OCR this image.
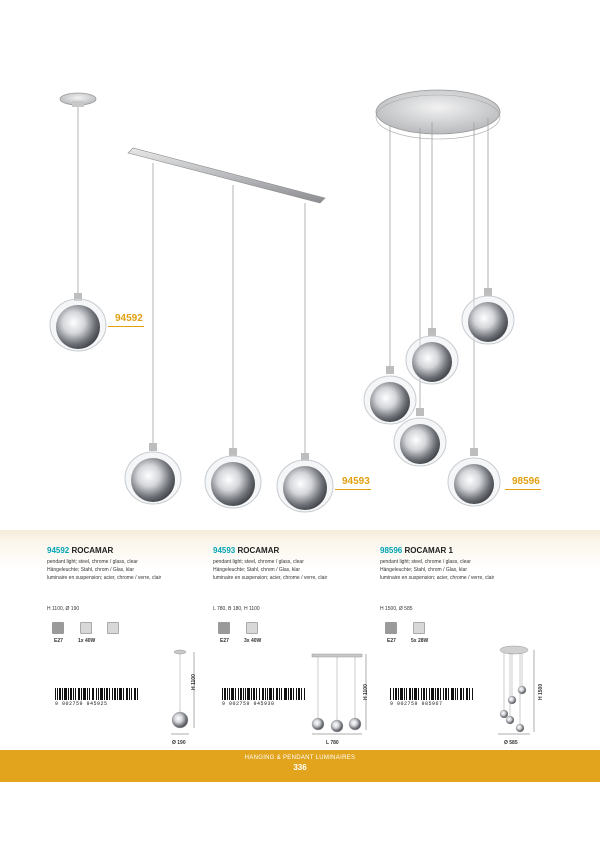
94592
94593	98596
94592 ROCAMAR
pendant light; steel, chrome / glass, clear
Hängeleuchte; Stahl, chrom / Glas, klar
luminaire en suspension; acier, chrome / verre, clair
H 1100, Ø 190
E27	1x 40W
9 002759 945925
H 1100
Ø 190
94593 ROCAMAR
pendant light; steel, chrome / glass, clear
Hängeleuchte; Stahl, chrom / Glas, klar
luminaire en suspension; acier, chrome / verre, clair
L 780, B 180, H 1100
E27	3x 40W
9 002759 945930
H 1100
L 780
98596 ROCAMAR 1
pendant light; steel, chrome / glass, clear
Hängeleuchte; Stahl, chrom / Glas, klar
luminaire en suspension; acier, chrome / verre, clair
H 1500, Ø 585
E27	5x 28W
9 002759 985967
H 1500
Ø 585
HANGING & PENDANT LUMINAIRES
336
